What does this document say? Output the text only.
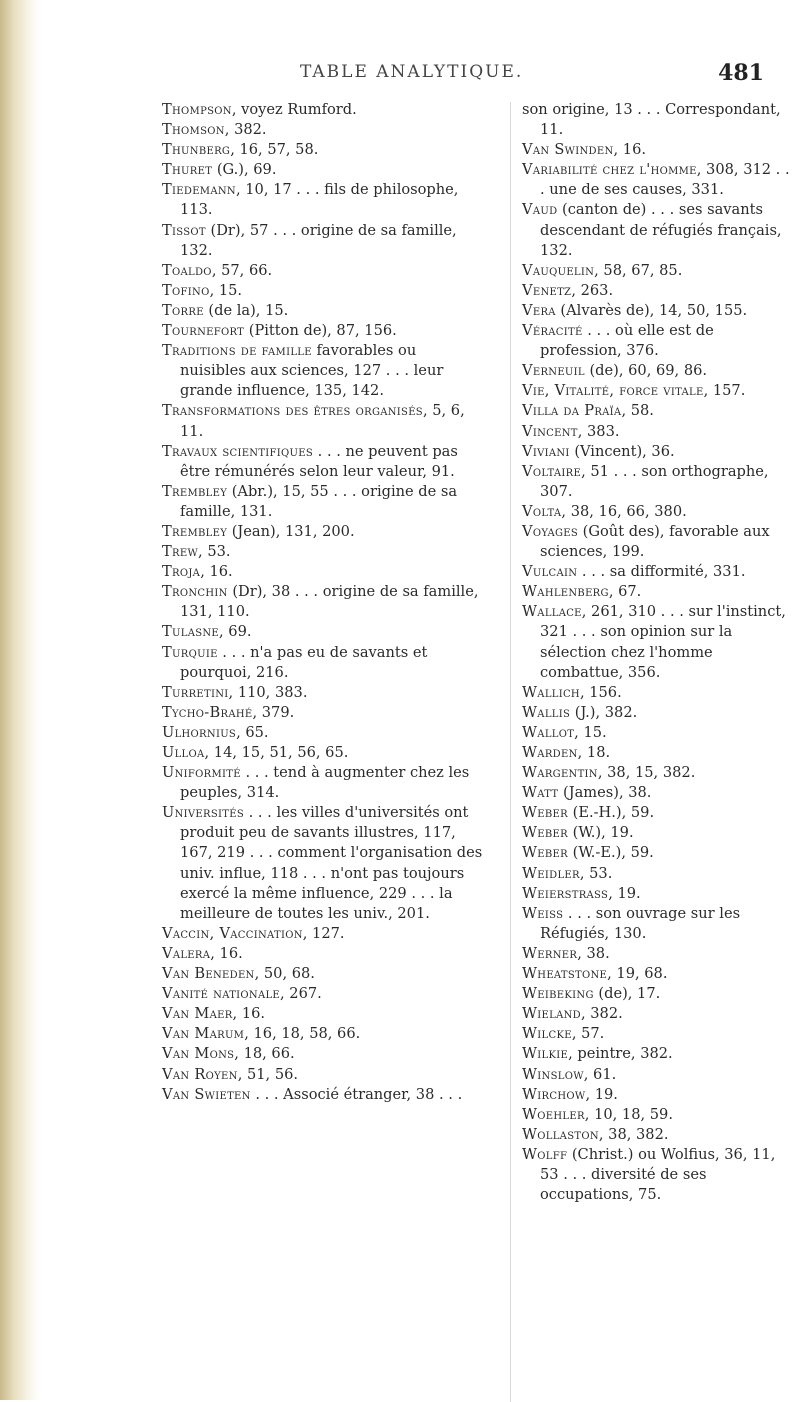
TABLE ANALYTIQUE.	481

Thompson, voyez Rumford.

Thomson, 382.

Thunberg, 16, 57, 58.

Thuret (G.), 69.

Tiedemann, 10, 17 . . . fils de philosophe, 113.

Tissot (Dr), 57 . . . origine de sa famille, 132.

Toaldo, 57, 66.

Tofino, 15.

Torre (de la), 15.

Tournefort (Pitton de), 87, 156.

Traditions de famille favorables ou nuisibles aux sciences, 127 . . . leur grande influence, 135, 142.

Transformations des êtres organisés, 5, 6, 11.

Travaux scientifiques . . . ne peuvent pas être rémunérés selon leur valeur, 91.

Trembley (Abr.), 15, 55 . . . origine de sa famille, 131.

Trembley (Jean), 131, 200.

Trew, 53.

Troja, 16.

Tronchin (Dr), 38 . . . origine de sa famille, 131, 110.

Tulasne, 69.

Turquie . . . n'a pas eu de savants et pourquoi, 216.

Turretini, 110, 383.

Tycho-Brahé, 379.

Ulhornius, 65.

Ulloa, 14, 15, 51, 56, 65.

Uniformité . . . tend à augmenter chez les peuples, 314.

Universités . . . les villes d'universités ont produit peu de savants illustres, 117, 167, 219 . . . comment l'organisation des univ. influe, 118 . . . n'ont pas toujours exercé la même influence, 229 . . . la meilleure de toutes les univ., 201.

Vaccin, Vaccination, 127.

Valera, 16.

Van Beneden, 50, 68.

Vanité nationale, 267.

Van Maer, 16.

Van Marum, 16, 18, 58, 66.

Van Mons, 18, 66.

Van Royen, 51, 56.

Van Swieten . . . Associé étranger, 38 . . .

son origine, 13 . . . Correspondant, 11.

Van Swinden, 16.

Variabilité chez l'homme, 308, 312 . . . une de ses causes, 331.

Vaud (canton de) . . . ses savants descendant de réfugiés français, 132.

Vauquelin, 58, 67, 85.

Venetz, 263.

Vera (Alvarès de), 14, 50, 155.

Véracité . . . où elle est de profession, 376.

Verneuil (de), 60, 69, 86.

Vie, Vitalité, force vitale, 157.

Villa da Praïa, 58.

Vincent, 383.

Viviani (Vincent), 36.

Voltaire, 51 . . . son orthographe, 307.

Volta, 38, 16, 66, 380.

Voyages (Goût des), favorable aux sciences, 199.

Vulcain . . . sa difformité, 331.

Wahlenberg, 67.

Wallace, 261, 310 . . . sur l'instinct, 321 . . . son opinion sur la sélection chez l'homme combattue, 356.

Wallich, 156.

Wallis (J.), 382.

Wallot, 15.

Warden, 18.

Wargentin, 38, 15, 382.

Watt (James), 38.

Weber (E.-H.), 59.

Weber (W.), 19.

Weber (W.-E.), 59.

Weidler, 53.

Weierstrass, 19.

Weiss . . . son ouvrage sur les Réfugiés, 130.

Werner, 38.

Wheatstone, 19, 68.

Weibeking (de), 17.

Wieland, 382.

Wilcke, 57.

Wilkie, peintre, 382.

Winslow, 61.

Wirchow, 19.

Woehler, 10, 18, 59.

Wollaston, 38, 382.

Wolff (Christ.) ou Wolfius, 36, 11, 53 . . . diversité de ses occupations, 75.
